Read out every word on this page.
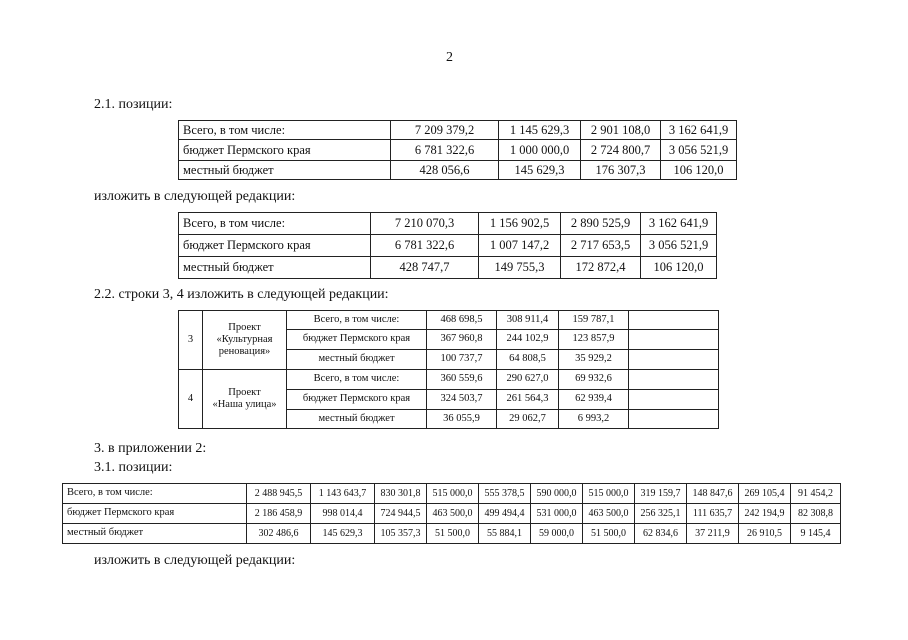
2
2.1. позиции:
Всего, в том числе:	7 209 379,2	1 145 629,3	2 901 108,0	3 162 641,9
бюджет Пермского края	6 781 322,6	1 000 000,0	2 724 800,7	3 056 521,9
местный бюджет	428 056,6	145 629,3	176 307,3	106 120,0
изложить в следующей редакции:
Всего, в том числе:	7 210 070,3	1 156 902,5	2 890 525,9	3 162 641,9
бюджет Пермского края	6 781 322,6	1 007 147,2	2 717 653,5	3 056 521,9
местный бюджет	428 747,7	149 755,3	172 872,4	106 120,0
2.2. строки 3, 4 изложить в следующей редакции:
3	Проект
«Культурная
реновация»	Всего, в том числе:	468 698,5	308 911,4	159 787,1	
		бюджет Пермского края	367 960,8	244 102,9	123 857,9	
		местный бюджет	100 737,7	64 808,5	35 929,2	
4	Проект
«Наша улица»	Всего, в том числе:	360 559,6	290 627,0	69 932,6	
		бюджет Пермского края	324 503,7	261 564,3	62 939,4	
		местный бюджет	36 055,9	29 062,7	6 993,2	
3. в приложении 2:
3.1. позиции:
Всего, в том числе:	2 488 945,5	1 143 643,7	830 301,8	515 000,0	555 378,5	590 000,0	515 000,0	319 159,7	148 847,6	269 105,4	91 454,2
бюджет Пермского края	2 186 458,9	998 014,4	724 944,5	463 500,0	499 494,4	531 000,0	463 500,0	256 325,1	111 635,7	242 194,9	82 308,8
местный бюджет	302 486,6	145 629,3	105 357,3	51 500,0	55 884,1	59 000,0	51 500,0	62 834,6	37 211,9	26 910,5	9 145,4
изложить в следующей редакции:
